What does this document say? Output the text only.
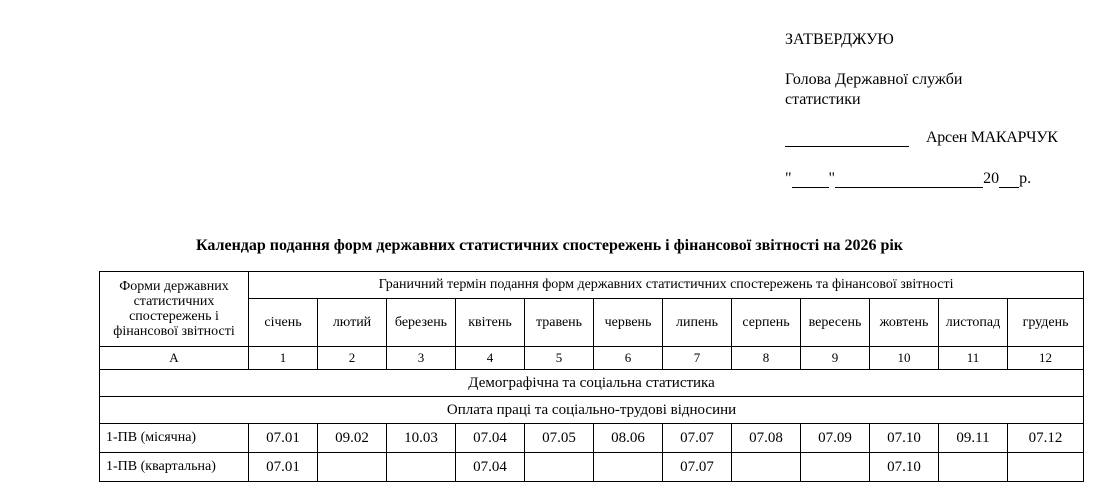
ЗАТВЕРДЖУЮ
Голова Державної служби статистики
Арсен МАКАРЧУК
" "	20 р.
Календар подання форм державних статистичних спостережень і фінансової звітності на 2026 рік
Форми державних статистичних спостережень і фінансової звітності	Граничний термін подання форм державних статистичних спостережень та фінансової звітності											
	січень	лютий	березень	квітень	травень	червень	липень	серпень	вересень	жовтень	листопад	грудень
А	1	2	3	4	5	6	7	8	9	10	11	12
Демографічна та соціальна статистика												
Оплата праці та соціально-трудові відносини												
1-ПВ (місячна)	07.01	09.02	10.03	07.04	07.05	08.06	07.07	07.08	07.09	07.10	09.11	07.12
1-ПВ (квартальна)	07.01			07.04			07.07			07.10		
